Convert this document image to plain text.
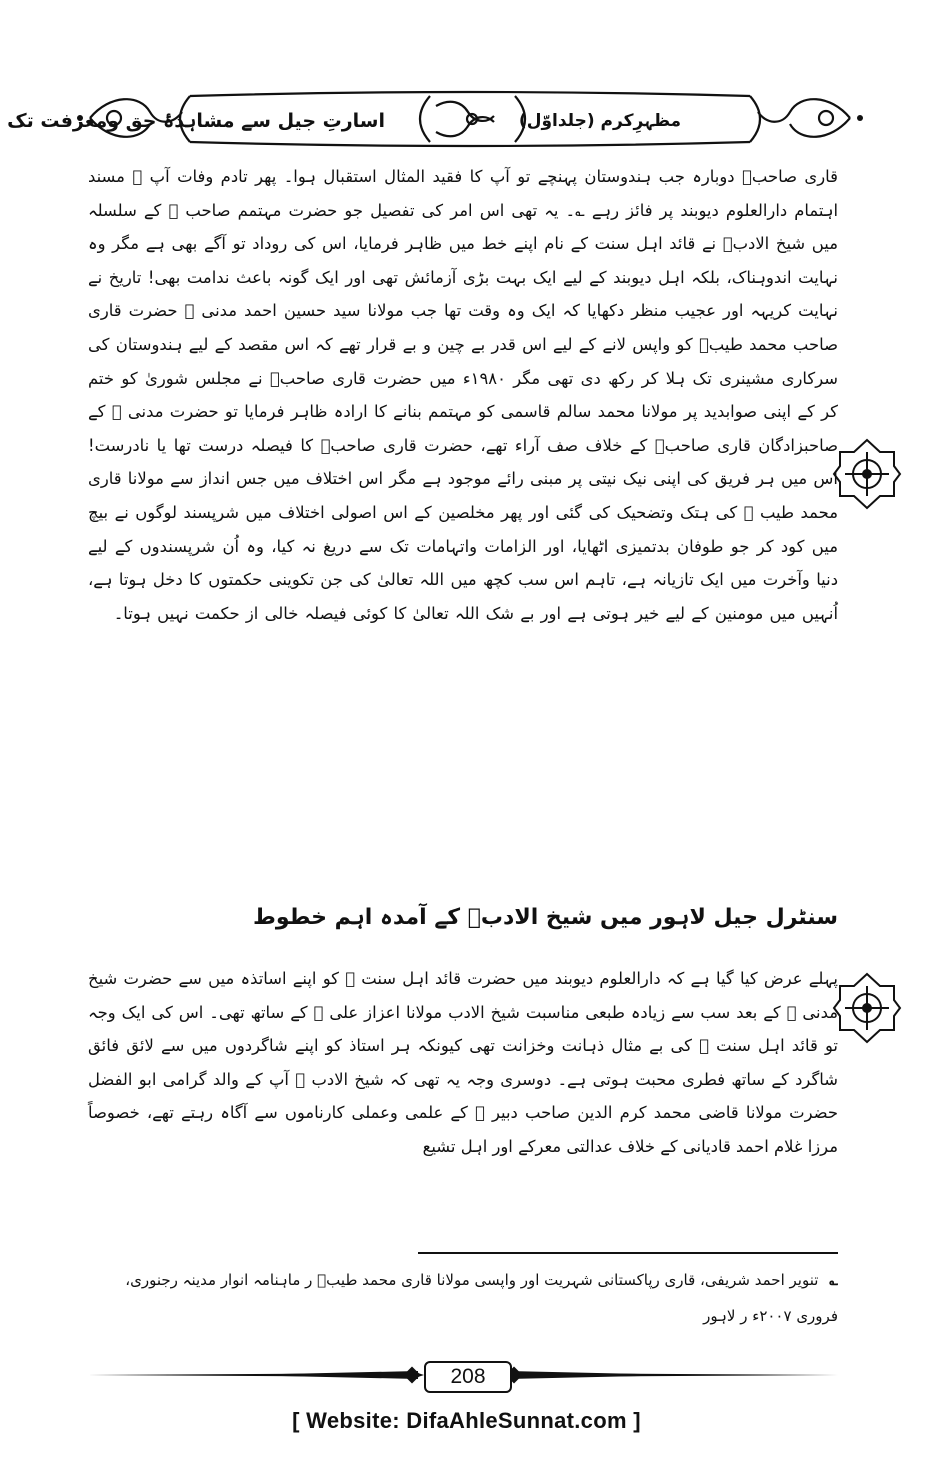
اسارتِ جیل سے مشاہدۂ حق ومعرفت تک	مظہرِکرم (جلداوّل)

قاری صاحبؒ دوبارہ جب ہندوستان پہنچے تو آپ کا فقید المثال استقبال ہوا۔ پھر تادم وفات آپ ﷬ مسند اہتمام دارالعلوم دیوبند پر فائز رہے ؎۔ یہ تھی اس امر کی تفصیل جو حضرت مہتمم صاحب ﷬ کے سلسلہ میں شیخ الادبؒ نے قائد اہل سنت کے نام اپنے خط میں ظاہر فرمایا، اس کی روداد تو آگے بھی ہے مگر وہ نہایت اندوہناک، بلکہ اہل دیوبند کے لیے ایک بہت بڑی آزمائش تھی اور ایک گونہ باعث ندامت بھی! تاریخ نے نہایت کریہہ اور عجیب منظر دکھایا کہ ایک وہ وقت تھا جب مولانا سید حسین احمد مدنی ﷬ حضرت قاری صاحب محمد طیبؒ کو واپس لانے کے لیے اس قدر بے چین و بے قرار تھے کہ اس مقصد کے لیے ہندوستان کی سرکاری مشینری تک ہلا کر رکھ دی تھی مگر ۱۹۸۰ء میں حضرت قاری صاحبؒ نے مجلس شوریٰ کو ختم کر کے اپنی صوابدید پر مولانا محمد سالم قاسمی کو مہتمم بنانے کا ارادہ ظاہر فرمایا تو حضرت مدنی ﷬ کے صاحبزادگان قاری صاحبؒ کے خلاف صف آراء تھے، حضرت قاری صاحبؒ کا فیصلہ درست تھا یا نادرست! اس میں ہر فریق کی اپنی نیک نیتی پر مبنی رائے موجود ہے مگر اس اختلاف میں جس انداز سے مولانا قاری محمد طیب ﷬ کی ہتک وتضحیک کی گئی اور پھر مخلصین کے اس اصولی اختلاف میں شرپسند لوگوں نے بیچ میں کود کر جو طوفان بدتمیزی اٹھایا، اور الزامات واتہامات تک سے دریغ نہ کیا، وہ اُن شرپسندوں کے لیے دنیا وآخرت میں ایک تازیانہ ہے، تاہم اس سب کچھ میں اللہ تعالیٰ کی جن تکوینی حکمتوں کا دخل ہوتا ہے، اُنہیں میں مومنین کے لیے خیر ہوتی ہے اور بے شک اللہ تعالیٰ کا کوئی فیصلہ خالی از حکمت نہیں ہوتا۔

سنٹرل جیل لاہور میں شیخ الادبؒ کے آمدہ اہم خطوط

پہلے عرض کیا گیا ہے کہ دارالعلوم دیوبند میں حضرت قائد اہل سنت ﷬ کو اپنے اساتذہ میں سے حضرت شیخ مدنی ﷬ کے بعد سب سے زیادہ طبعی مناسبت شیخ الادب مولانا اعزاز علی ﷬ کے ساتھ تھی۔ اس کی ایک وجہ تو قائد اہل سنت ﷬ کی بے مثال ذہانت وخزانت تھی کیونکہ ہر استاذ کو اپنے شاگردوں میں سے لائق فائق شاگرد کے ساتھ فطری محبت ہوتی ہے۔ دوسری وجہ یہ تھی کہ شیخ الادب ﷬ آپ کے والد گرامی ابو الفضل حضرت مولانا قاضی محمد کرم الدین صاحب دبیر ﷬ کے علمی وعملی کارناموں سے آگاہ رہتے تھے، خصوصاً مرزا غلام احمد قادیانی کے خلاف عدالتی معرکے اور اہل تشیع

؎ تنویر احمد شریفی، قاری رپاکستانی شہریت اور واپسی مولانا قاری محمد طیبؒ ر ماہنامہ انوار مدینہ رجنوری، فروری ۲۰۰۷ء ر لاہور
208
[ Website: DifaAhleSunnat.com ]
